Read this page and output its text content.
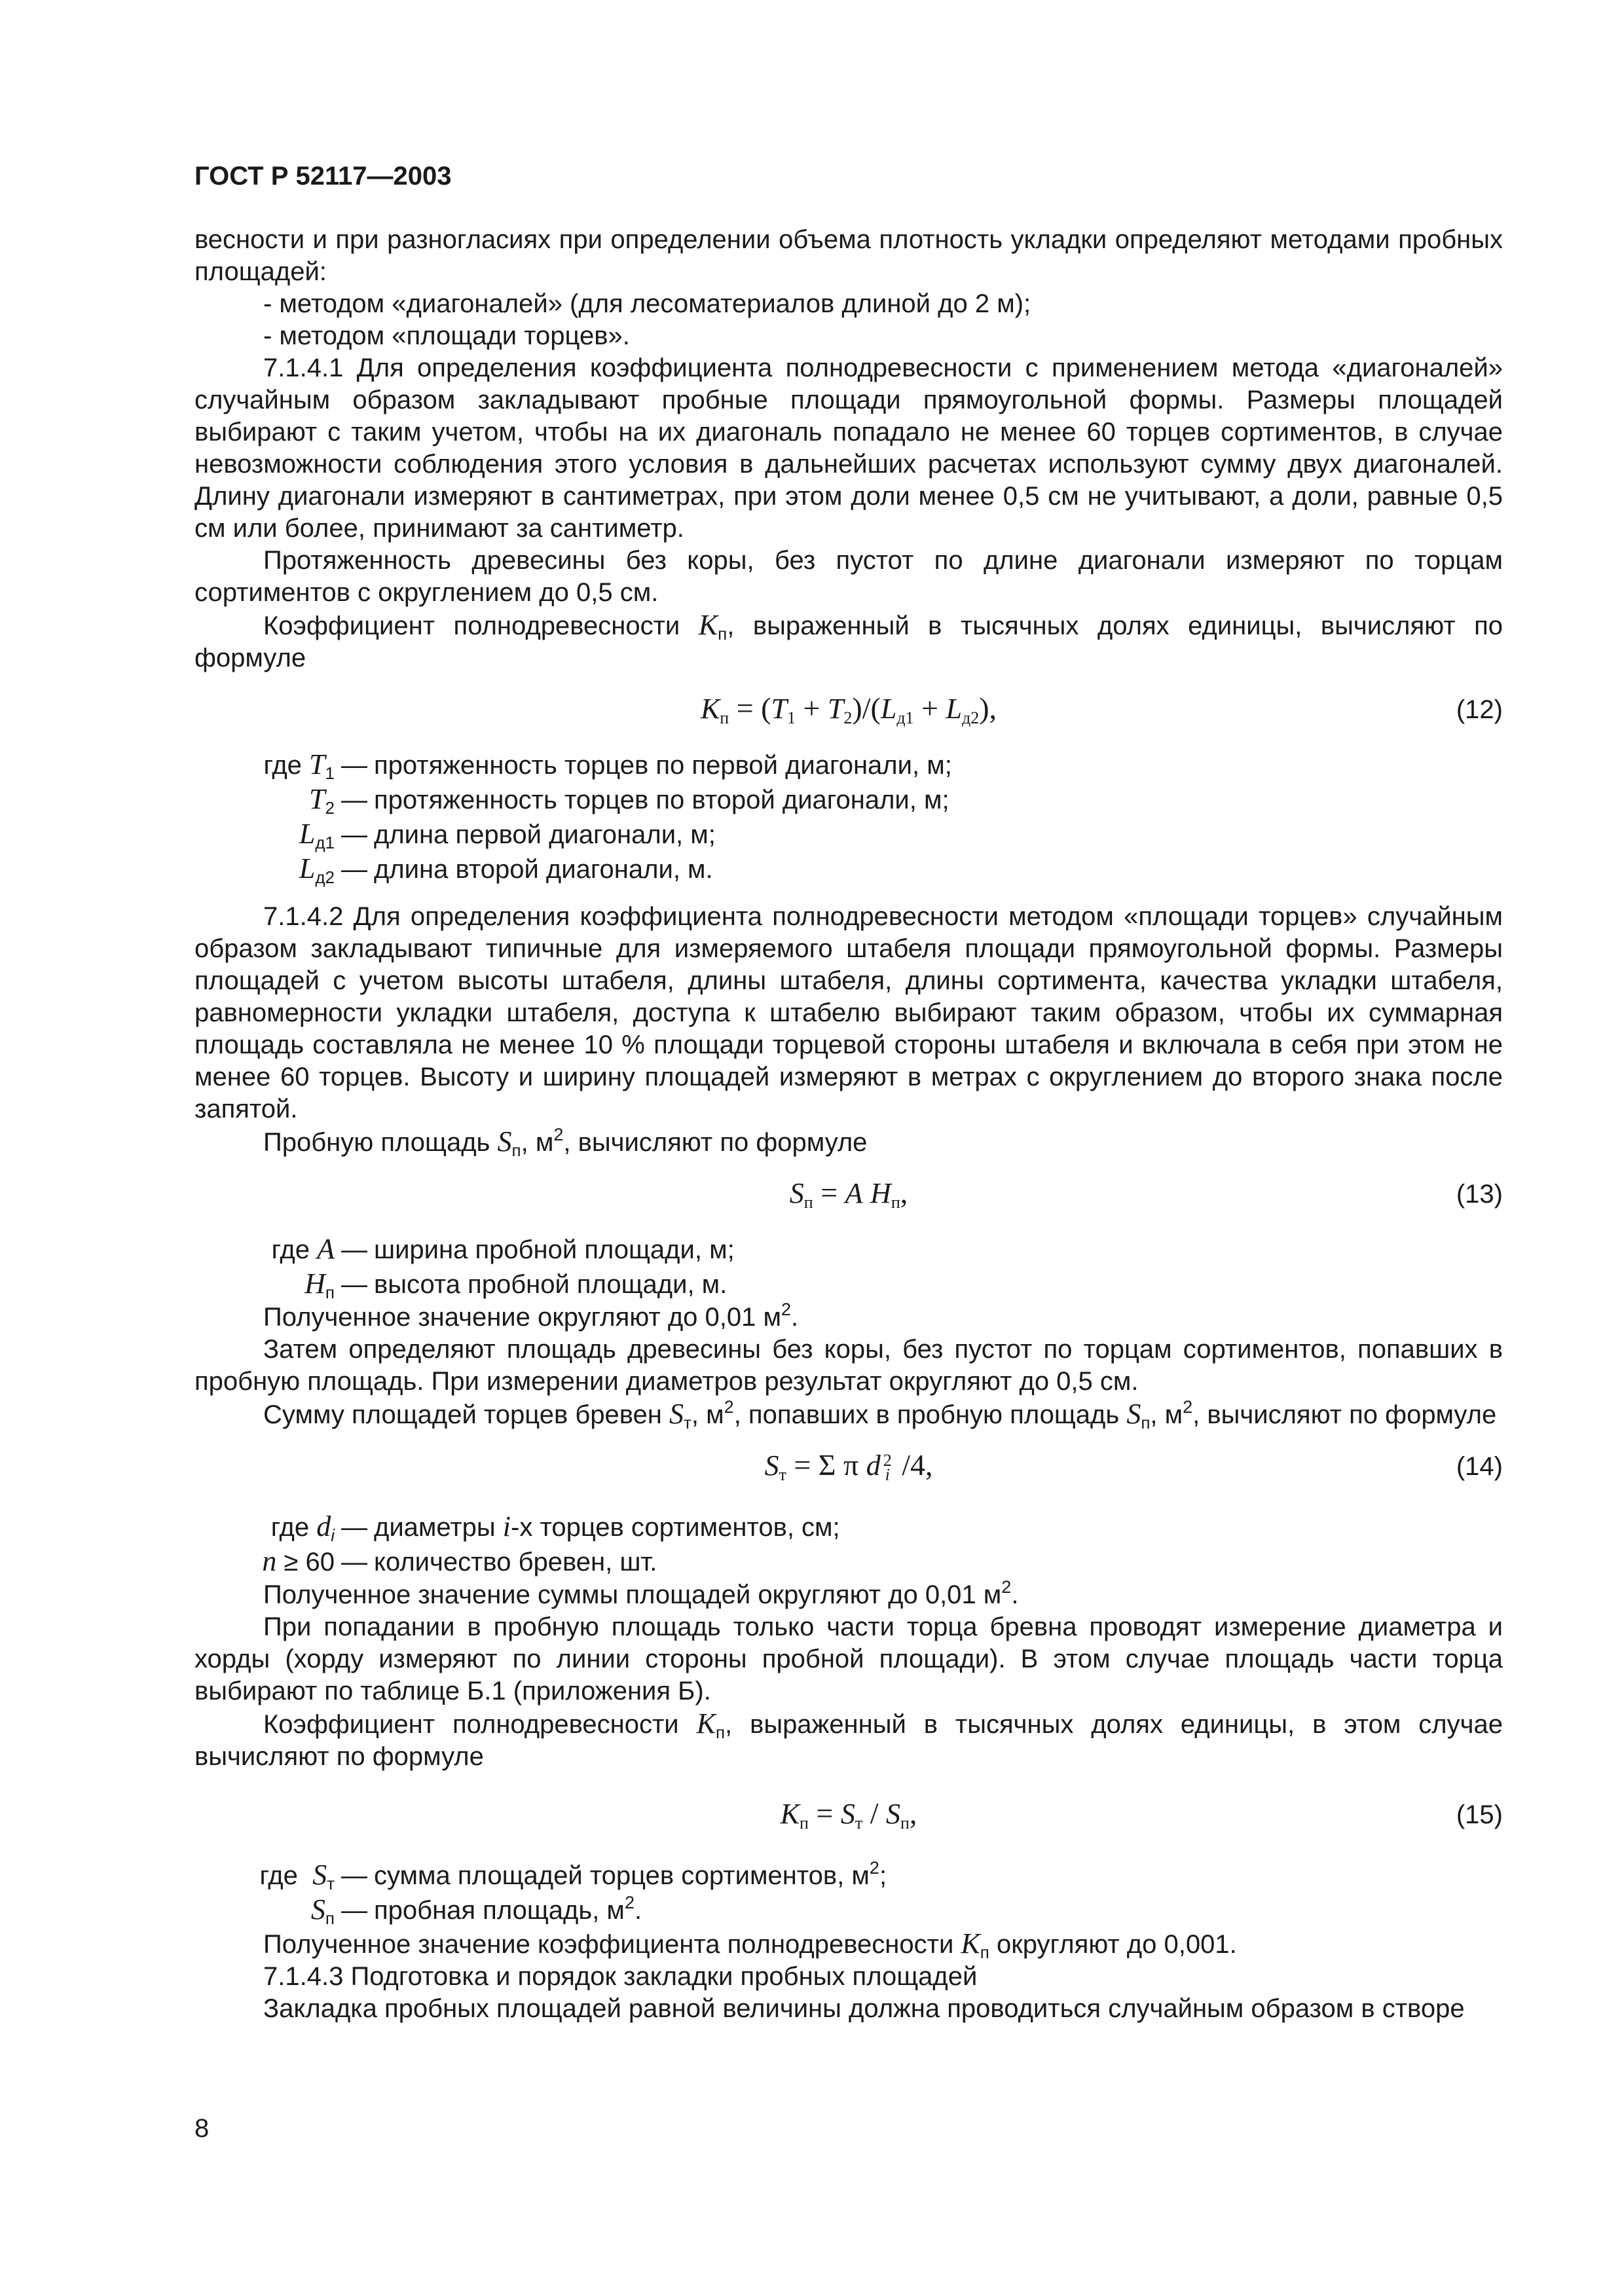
ГОСТ Р 52117—2003

весности и при разногласиях при определении объема плотность укладки определяют методами пробных площадей:

- методом «диагоналей» (для лесоматериалов длиной до 2 м);

- методом «площади торцев».

7.1.4.1 Для определения коэффициента полнодревесности с применением метода «диагоналей» случайным образом закладывают пробные площади прямоугольной формы. Размеры площадей выбирают с таким учетом, чтобы на их диагональ попадало не менее 60 торцев сортиментов, в случае невозможности соблюдения этого условия в дальнейших расчетах используют сумму двух диагоналей. Длину диагонали измеряют в сантиметрах, при этом доли менее 0,5 см не учитывают, а доли, равные 0,5 см или более, принимают за сантиметр.

Протяженность древесины без коры, без пустот по длине диагонали измеряют по торцам сортиментов с округлением до 0,5 см.

Коэффициент полнодревесности $K_п$, выраженный в тысячных долях единицы, вычисляют по формуле

$K_п = (T_1 + T_2)/(L_{д1} + L_{д2})$,	(12)
где $T_1$ — протяженность торцев по первой диагонали, м;
$T_2$ — протяженность торцев по второй диагонали, м;
$L_{д1}$ — длина первой диагонали, м;
$L_{д2}$ — длина второй диагонали, м.

7.1.4.2 Для определения коэффициента полнодревесности методом «площади торцев» случайным образом закладывают типичные для измеряемого штабеля площади прямоугольной формы. Размеры площадей с учетом высоты штабеля, длины штабеля, длины сортимента, качества укладки штабеля, равномерности укладки штабеля, доступа к штабелю выбирают таким образом, чтобы их суммарная площадь составляла не менее 10 % площади торцевой стороны штабеля и включала в себя при этом не менее 60 торцев. Высоту и ширину площадей измеряют в метрах с округлением до второго знака после запятой.

Пробную площадь $S_п$, $м^2$, вычисляют по формуле

$S_п = A$ $H_п$,	(13)
где A — ширина пробной площади, м;
$H_п$ — высота пробной площади, м.

Полученное значение округляют до 0,01 $м^2$.

Затем определяют площадь древесины без коры, без пустот по торцам сортиментов, попавших в пробную площадь. При измерении диаметров результат округляют до 0,5 см.

Сумму площадей торцев бревен $S_т$, $м^2$, попавших в пробную площадь $S_п$, $м^2$, вычисляют по формуле

$S_т = \Sigma$ π d 2
i /4,	(14)
где $d_i$ — диаметры i-х торцев сортиментов, см;
n ≥ 60 — количество бревен, шт.

Полученное значение суммы площадей округляют до 0,01 $м^2$.

При попадании в пробную площадь только части торца бревна проводят измерение диаметра и хорды (хорду измеряют по линии стороны пробной площади). В этом случае площадь части торца выбирают по таблице Б.1 (приложения Б).

Коэффициент полнодревесности $K_п$, выраженный в тысячных долях единицы, в этом случае вычисляют по формуле

$K_п = S_т / S_п$,	(15)
где $S_т$ — сумма площадей торцев сортиментов, $м^2$;
$S_п$ — пробная площадь, $м^2$.

Полученное значение коэффициента полнодревесности $K_п$ округляют до 0,001.

7.1.4.3 Подготовка и порядок закладки пробных площадей

Закладка пробных площадей равной величины должна проводиться случайным образом в створе

8
